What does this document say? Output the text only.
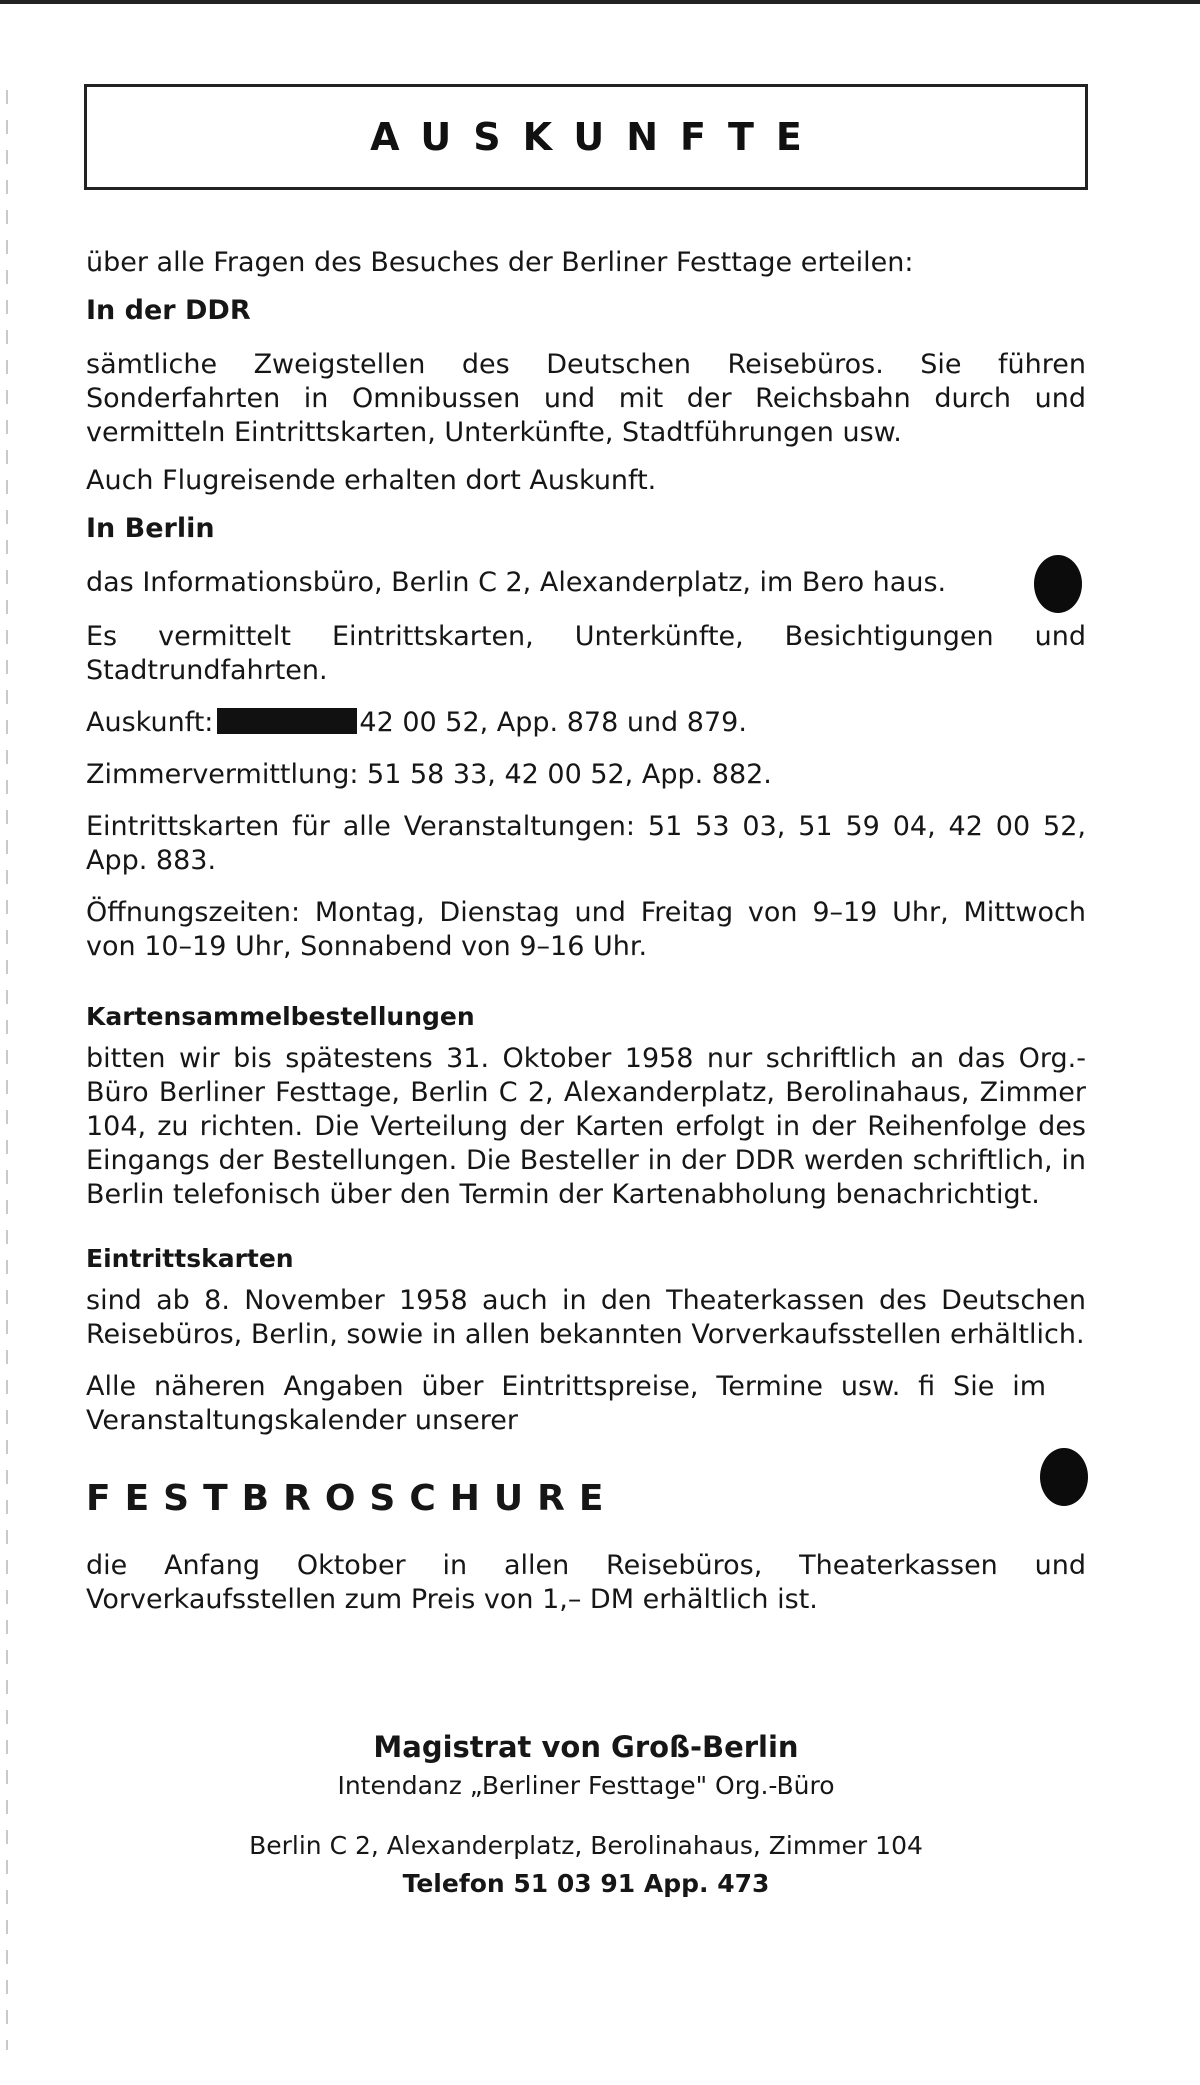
AUSKUNFTE

über alle Fragen des Besuches der Berliner Festtage erteilen:

In der DDR

sämtliche Zweigstellen des Deutschen Reisebüros. Sie führen Sonderfahrten in Omnibussen und mit der Reichsbahn durch und vermitteln Eintrittskarten, Unterkünfte, Stadtführungen usw.

Auch Flugreisende erhalten dort Auskunft.

In Berlin

das Informationsbüro, Berlin C 2, Alexanderplatz, im Bero haus.

Es vermittelt Eintrittskarten, Unterkünfte, Besichtigungen und Stadtrundfahrten.

Auskunft:	42 00 52, App. 878 und 879.

Zimmervermittlung: 51 58 33, 42 00 52, App. 882.

Eintrittskarten für alle Veranstaltungen: 51 53 03, 51 59 04, 42 00 52, App. 883.

Öffnungszeiten: Montag, Dienstag und Freitag von 9–19 Uhr, Mittwoch von 10–19 Uhr, Sonnabend von 9–16 Uhr.

Kartensammelbestellungen

bitten wir bis spätestens 31. Oktober 1958 nur schriftlich an das Org.-Büro Berliner Festtage, Berlin C 2, Alexanderplatz, Berolinahaus, Zimmer 104, zu richten. Die Verteilung der Karten erfolgt in der Reihenfolge des Eingangs der Bestellungen. Die Besteller in der DDR werden schriftlich, in Berlin telefonisch über den Termin der Kartenabholung benachrichtigt.

Eintrittskarten

sind ab 8. November 1958 auch in den Theaterkassen des Deutschen Reisebüros, Berlin, sowie in allen bekannten Vorverkaufsstellen erhältlich.

Alle näheren Angaben über Eintrittspreise, Termine usw. fi Sie im Veranstaltungskalender unserer

FESTBROSCHURE

die Anfang Oktober in allen Reisebüros, Theaterkassen und Vorverkaufsstellen zum Preis von 1,– DM erhältlich ist.

Magistrat von Groß-Berlin
Intendanz „Berliner Festtage" Org.-Büro
Berlin C 2, Alexanderplatz, Berolinahaus, Zimmer 104
Telefon 51 03 91 App. 473
